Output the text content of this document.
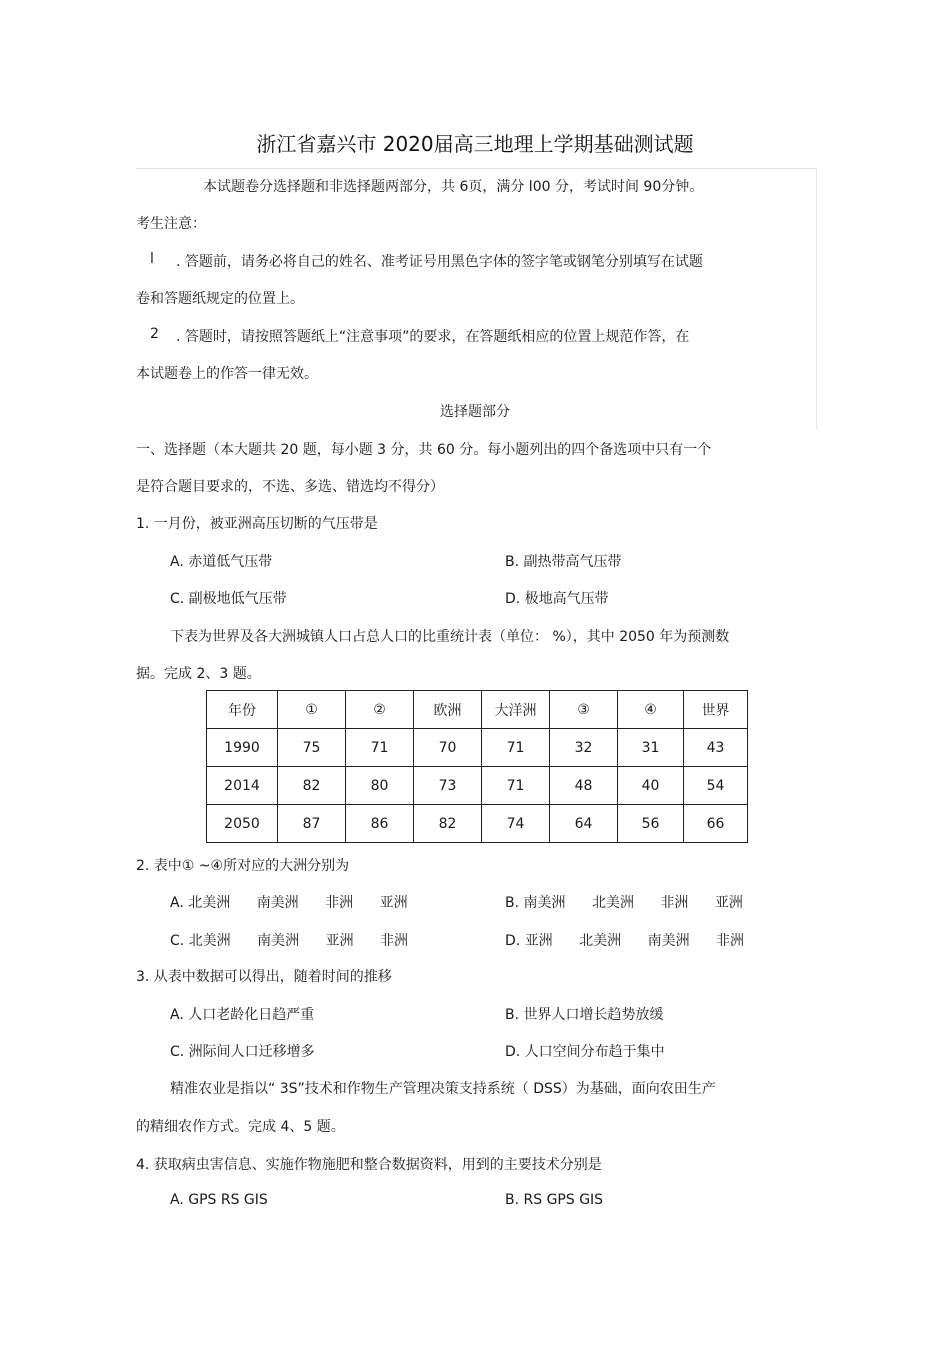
浙江省嘉兴市 2020届高三地理上学期基础测试题
本试题卷分选择题和非选择题两部分，共 6页，满分 l00 分，考试时间 90分钟。
考生注意：
l . 答题前，请务必将自己的姓名、准考证号用黑色字体的签字笔或钢笔分别填写在试题
卷和答题纸规定的位置上。
2 . 答题时，请按照答题纸上“注意事项”的要求，在答题纸相应的位置上规范作答，在
本试题卷上的作答一律无效。
选择题部分
一、选择题（本大题共 20 题，每小题 3 分，共 60 分。每小题列出的四个备选项中只有一个
是符合题目要求的，不选、多选、错选均不得分）
1. 一月份，被亚洲高压切断的气压带是
A. 赤道低气压带	B. 副热带高气压带
C. 副极地低气压带	D. 极地高气压带
下表为世界及各大洲城镇人口占总人口的比重统计表（单位： %），其中 2050 年为预测数
据。完成 2、3 题。
年份	①	②	欧洲	大洋洲	③	④	世界
1990	75	71	70	71	32	31	43
2014	82	80	73	71	48	40	54
2050	87	86	82	74	64	56	66
2. 表中① ~④所对应的大洲分别为
A. 北美洲 南美洲 非洲 亚洲	B. 南美洲 北美洲 非洲 亚洲
C. 北美洲 南美洲 亚洲 非洲	D. 亚洲 北美洲 南美洲 非洲
3. 从表中数据可以得出，随着时间的推移
A. 人口老龄化日趋严重	B. 世界人口增长趋势放缓
C. 洲际间人口迁移增多	D. 人口空间分布趋于集中
精准农业是指以“ 3S”技术和作物生产管理决策支持系统（ DSS）为基础，面向农田生产
的精细农作方式。完成 4、5 题。
4. 获取病虫害信息、实施作物施肥和整合数据资料，用到的主要技术分别是
A. GPS RS GIS	B. RS GPS GIS
